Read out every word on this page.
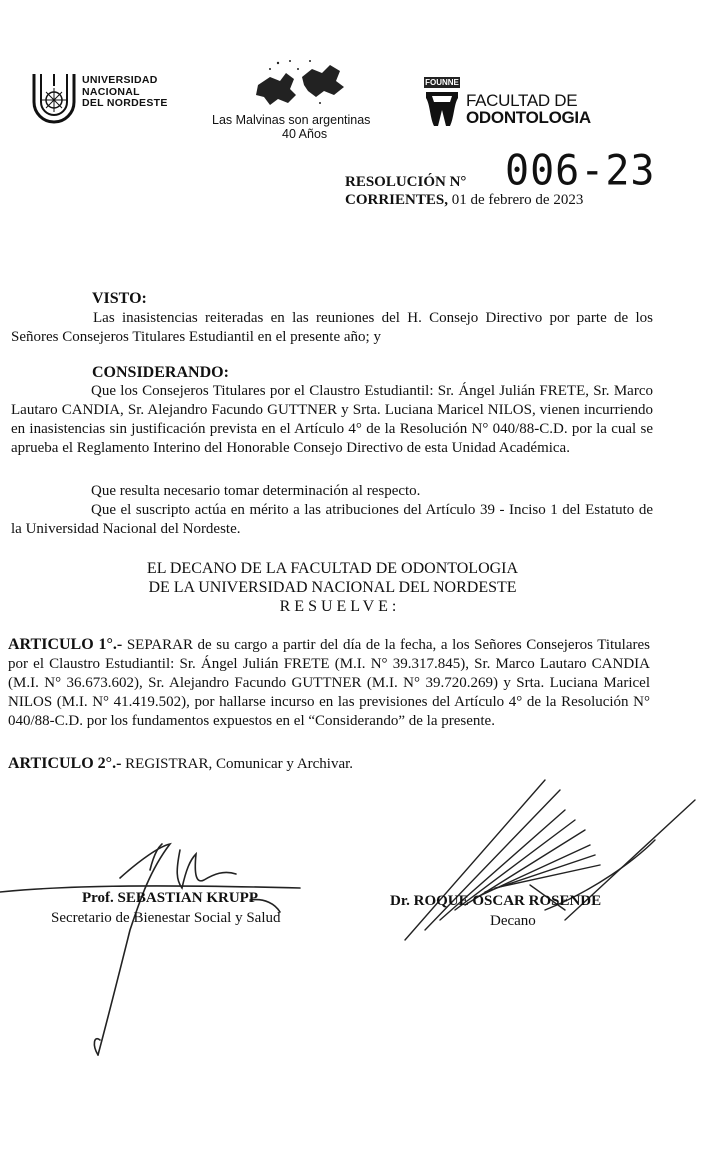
UNIVERSIDAD
NACIONAL
DEL NORDESTE
Las Malvinas son argentinas
40 Años
FOUNNE
FACULTAD DE
ODONTOLOGIA
RESOLUCIÓN N° 006-23
CORRIENTES, 01 de febrero de 2023
VISTO:
Las inasistencias reiteradas en las reuniones del H. Consejo Directivo por parte de los Señores Consejeros Titulares Estudiantil en el presente año; y
CONSIDERANDO:
Que los Consejeros Titulares por el Claustro Estudiantil: Sr. Ángel Julián FRETE, Sr. Marco Lautaro CANDIA, Sr. Alejandro Facundo GUTTNER y Srta. Luciana Maricel NILOS, vienen incurriendo en inasistencias sin justificación prevista en el Artículo 4° de la Resolución N° 040/88-C.D. por la cual se aprueba el Reglamento Interino del Honorable Consejo Directivo de esta Unidad Académica.
Que resulta necesario tomar determinación al respecto.
Que el suscripto actúa en mérito a las atribuciones del Artículo 39 - Inciso 1 del Estatuto de la Universidad Nacional del Nordeste.
EL DECANO DE LA FACULTAD DE ODONTOLOGIA
DE LA UNIVERSIDAD NACIONAL DEL NORDESTE
RESUELVE:
ARTICULO 1°.- SEPARAR de su cargo a partir del día de la fecha, a los Señores Consejeros Titulares por el Claustro Estudiantil: Sr. Ángel Julián FRETE (M.I. N° 39.317.845), Sr. Marco Lautaro CANDIA (M.I. N° 36.673.602), Sr. Alejandro Facundo GUTTNER (M.I. N° 39.720.269) y Srta. Luciana Maricel NILOS (M.I. N° 41.419.502), por hallarse incurso en las previsiones del Artículo 4° de la Resolución N° 040/88-C.D. por los fundamentos expuestos en el “Considerando” de la presente.
ARTICULO 2°.- REGISTRAR, Comunicar y Archivar.
Prof. SEBASTIAN KRUPP
Secretario de Bienestar Social y Salud
Dr. ROQUE OSCAR ROSENDE
Decano
